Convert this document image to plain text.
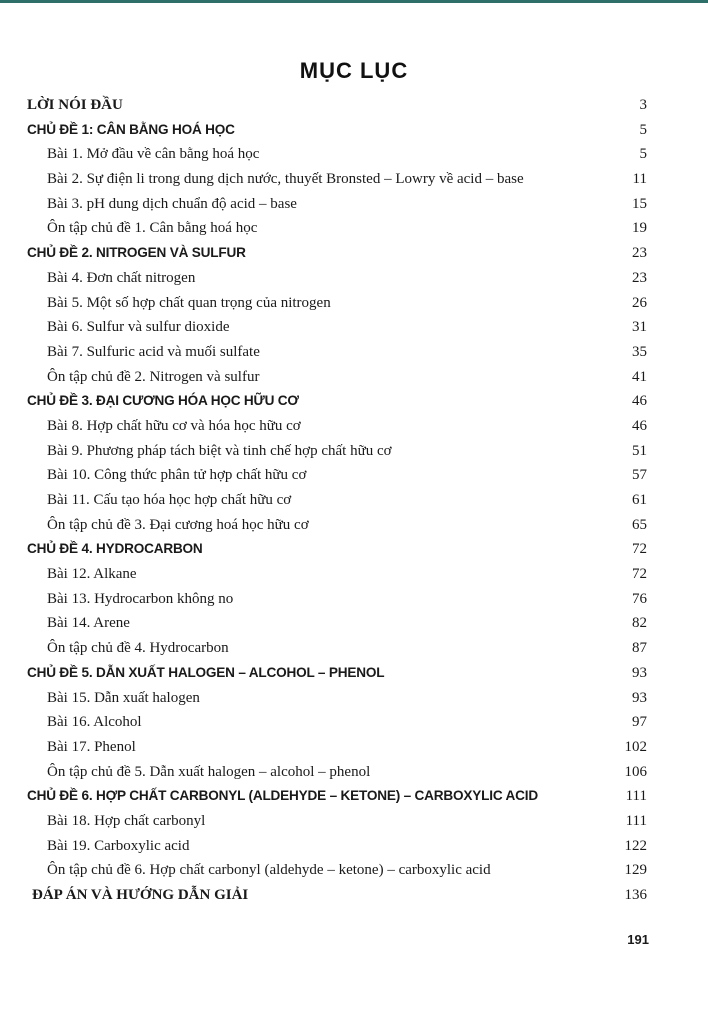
MỤC LỤC
LỜI NÓI ĐẦU	3
CHỦ ĐỀ 1: CÂN BẰNG HOÁ HỌC	5
Bài 1. Mở đầu về cân bằng hoá học	5
Bài 2. Sự điện li trong dung dịch nước, thuyết Bronsted – Lowry về acid – base	11
Bài 3. pH dung dịch chuẩn độ acid – base	15
Ôn tập chủ đề 1. Cân bằng hoá học	19
CHỦ ĐỀ 2. NITROGEN VÀ SULFUR	23
Bài 4. Đơn chất nitrogen	23
Bài 5. Một số hợp chất quan trọng của nitrogen	26
Bài 6. Sulfur và sulfur dioxide	31
Bài 7. Sulfuric acid và muối sulfate	35
Ôn tập chủ đề 2. Nitrogen và sulfur	41
CHỦ ĐỀ 3. ĐẠI CƯƠNG HÓA HỌC HỮU CƠ	46
Bài 8. Hợp chất hữu cơ và hóa học hữu cơ	46
Bài 9. Phương pháp tách biệt và tinh chế hợp chất hữu cơ	51
Bài 10. Công thức phân tử hợp chất hữu cơ	57
Bài 11. Cấu tạo hóa học hợp chất hữu cơ	61
Ôn tập chủ đề 3. Đại cương hoá học hữu cơ	65
CHỦ ĐỀ 4. HYDROCARBON	72
Bài 12. Alkane	72
Bài 13. Hydrocarbon không no	76
Bài 14. Arene	82
Ôn tập chủ đề 4. Hydrocarbon	87
CHỦ ĐỀ 5. DẪN XUẤT HALOGEN – ALCOHOL – PHENOL	93
Bài 15. Dẫn xuất halogen	93
Bài 16. Alcohol	97
Bài 17. Phenol	102
Ôn tập chủ đề 5. Dẫn xuất halogen – alcohol – phenol	106
CHỦ ĐỀ 6. HỢP CHẤT CARBONYL (ALDEHYDE – KETONE) – CARBOXYLIC ACID	111
Bài 18. Hợp chất carbonyl	111
Bài 19. Carboxylic acid	122
Ôn tập chủ đề 6. Hợp chất carbonyl (aldehyde – ketone) – carboxylic acid	129
ĐÁP ÁN VÀ HƯỚNG DẪN GIẢI	136
191
